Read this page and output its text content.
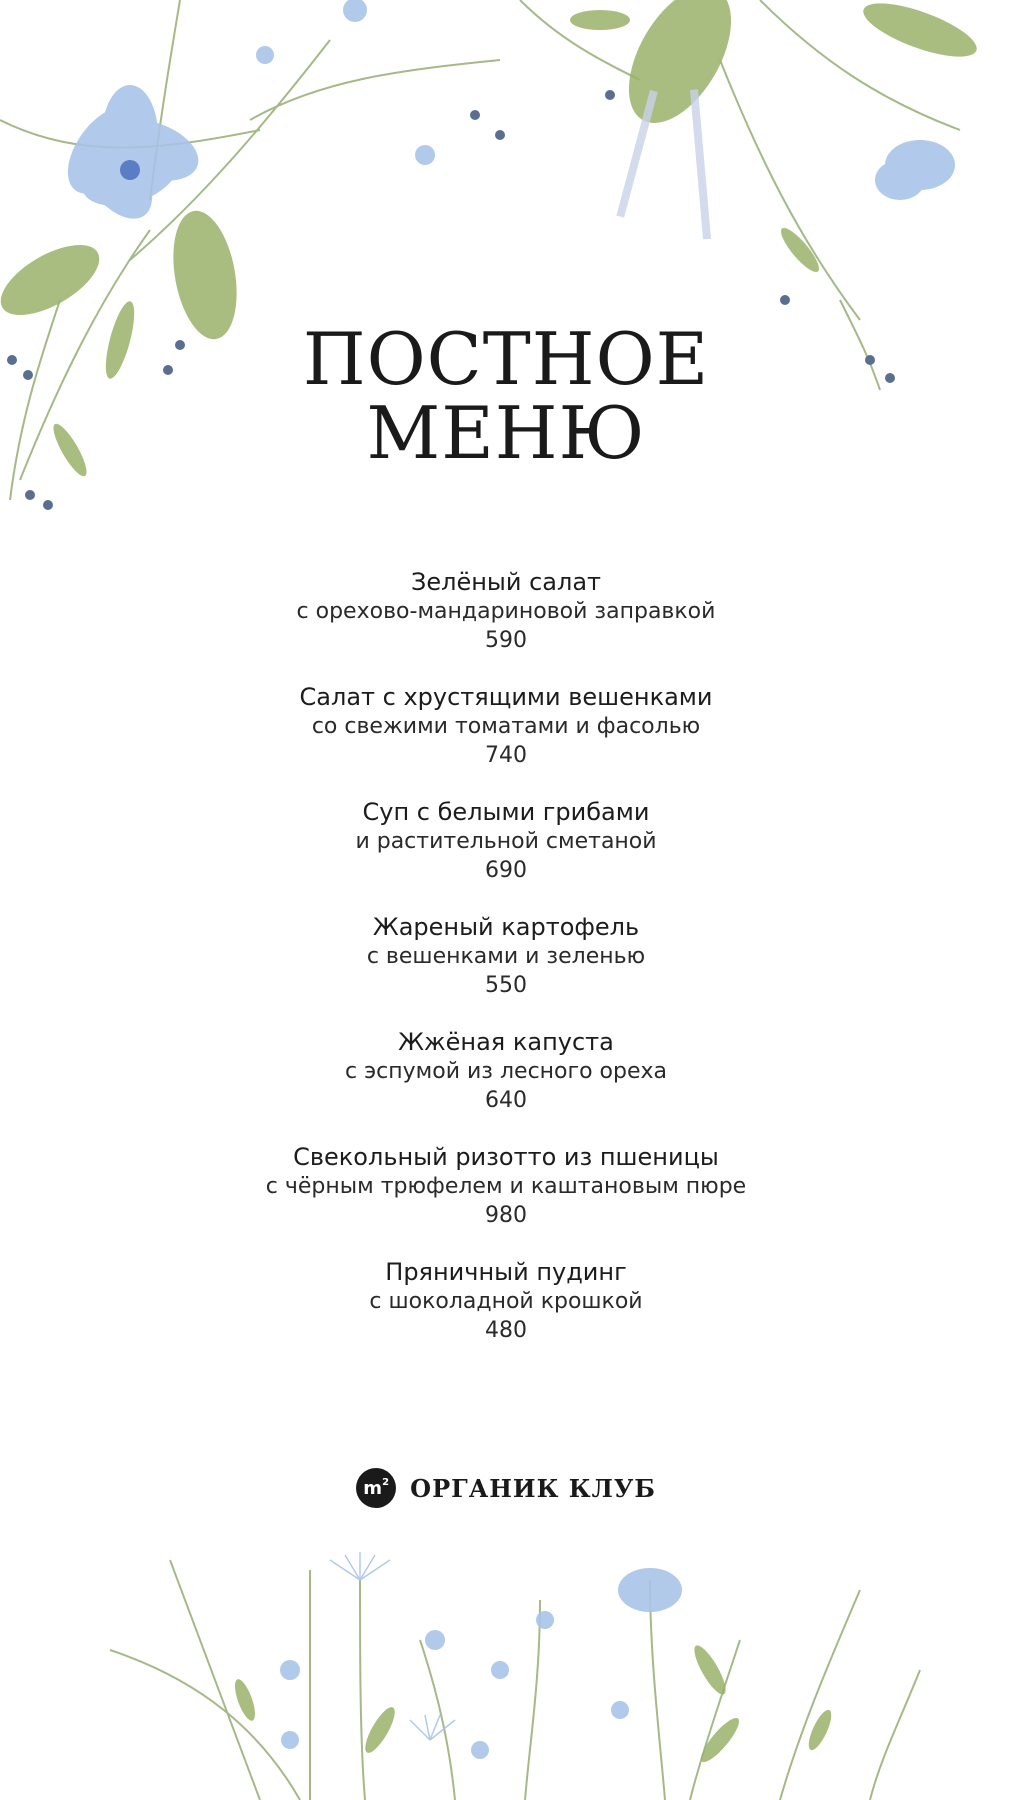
ПОСТНОЕ
МЕНЮ
Зелёный салат
с орехово-мандариновой заправкой
590
Салат с хрустящими вешенками
со свежими томатами и фасолью
740
Суп с белыми грибами
и растительной сметаной
690
Жареный картофель
с вешенками и зеленью
550
Жжёная капуста
с эспумой из лесного ореха
640
Свекольный ризотто из пшеницы
с чёрным трюфелем и каштановым пюре
980
Пряничный пудинг
с шоколадной крошкой
480
$m^2$ ОРГАНИК КЛУБ
